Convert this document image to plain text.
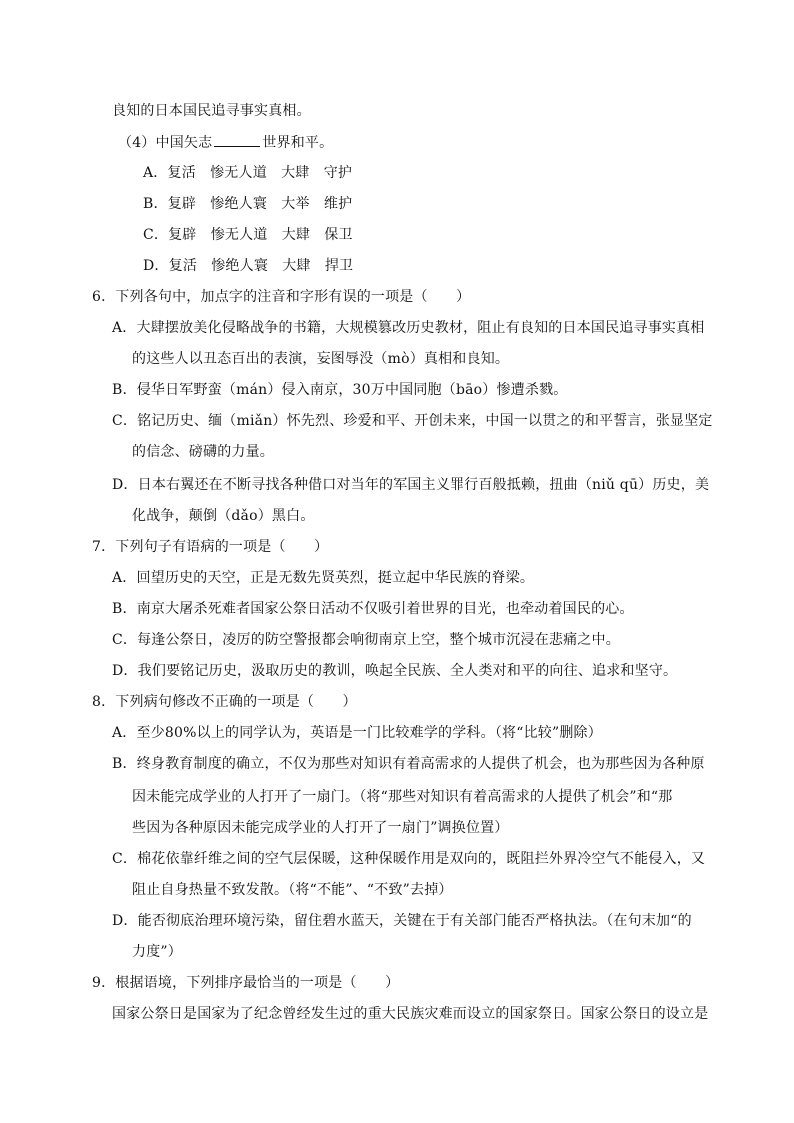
良知的日本国民追寻事实真相。
（4）中国矢志	世界和平。
A．复活　惨无人道　大肆　守护
B．复辟　惨绝人寰　大举　维护
C．复辟　惨无人道　大肆　保卫
D．复活　惨绝人寰　大肆　捍卫
6．下列各句中，加点字的注音和字形有误的一项是（　　）
A．大肆摆放美化侵略战争的书籍，大规模篡改历史教材，阻止有良知的日本国民追寻事实真相
的这些人以丑态百出的表演，妄图辱没（mò）真相和良知。
B．侵华日军野蛮（mán）侵入南京，30万中国同胞（bāo）惨遭杀戮。
C．铭记历史、缅（miǎn）怀先烈、珍爱和平、开创未来，中国一以贯之的和平誓言，张显坚定
的信念、磅礴的力量。
D．日本右翼还在不断寻找各种借口对当年的军国主义罪行百般抵赖，扭曲（niǔ qū）历史，美
化战争，颠倒（dǎo）黑白。
7．下列句子有语病的一项是（　　）
A．回望历史的天空，正是无数先贤英烈，挺立起中华民族的脊梁。
B．南京大屠杀死难者国家公祭日活动不仅吸引着世界的目光，也牵动着国民的心。
C．每逢公祭日，凌厉的防空警报都会响彻南京上空，整个城市沉浸在悲痛之中。
D．我们要铭记历史，汲取历史的教训，唤起全民族、全人类对和平的向往、追求和坚守。
8．下列病句修改不正确的一项是（　　）
A．至少80%以上的同学认为，英语是一门比较难学的学科。（将“比较”删除）
B．终身教育制度的确立，不仅为那些对知识有着高需求的人提供了机会，也为那些因为各种原
因未能完成学业的人打开了一扇门。（将“那些对知识有着高需求的人提供了机会”和“那
些因为各种原因未能完成学业的人打开了一扇门”调换位置）
C．棉花依靠纤维之间的空气层保暖，这种保暖作用是双向的，既阻拦外界冷空气不能侵入，又
阻止自身热量不致发散。（将“不能”、“不致”去掉）
D．能否彻底治理环境污染，留住碧水蓝天，关键在于有关部门能否严格执法。（在句末加“的
力度”）
9．根据语境，下列排序最恰当的一项是（　　）
国家公祭日是国家为了纪念曾经发生过的重大民族灾难而设立的国家祭日。国家公祭日的设立是
